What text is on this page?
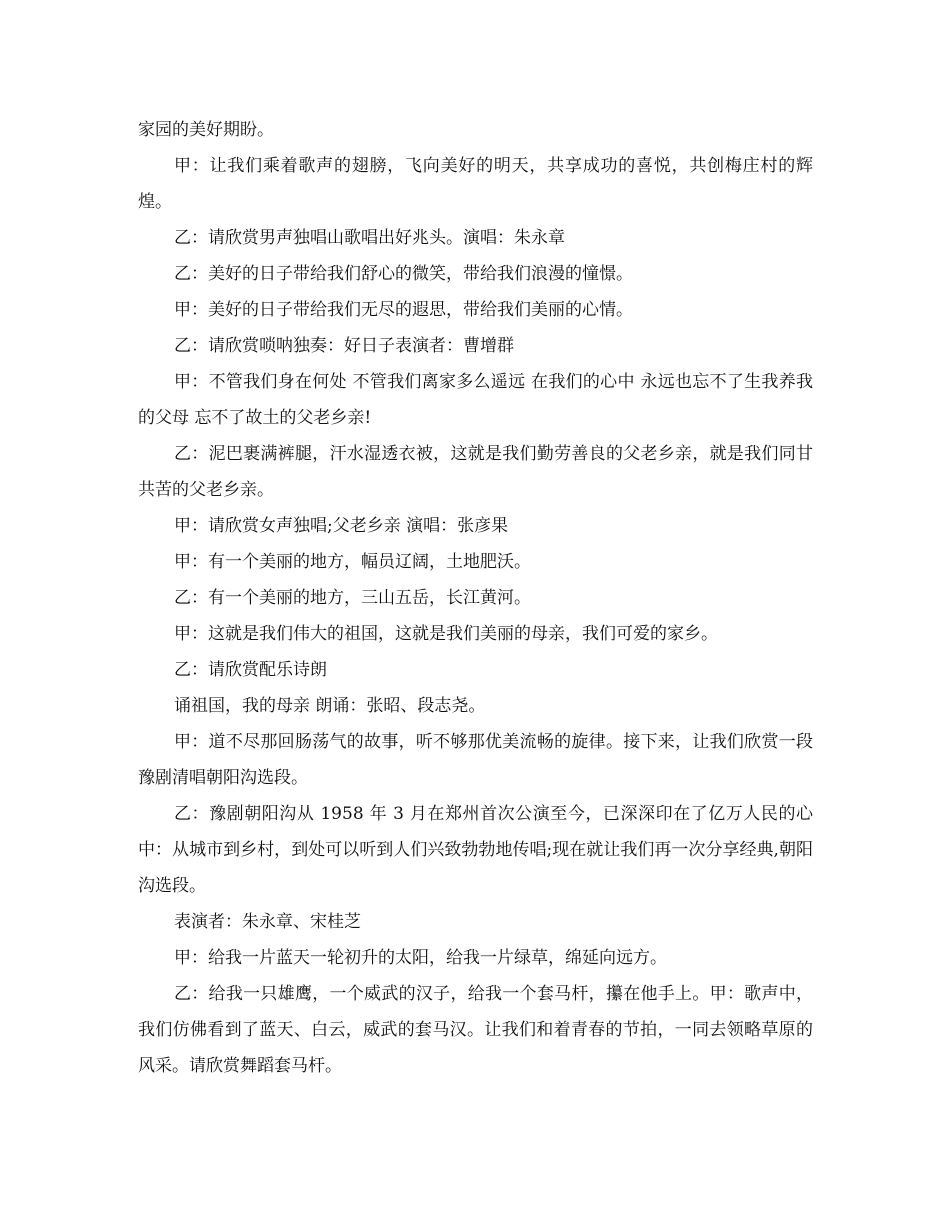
家园的美好期盼。

甲：让我们乘着歌声的翅膀，飞向美好的明天，共享成功的喜悦，共创梅庄村的辉煌。

乙：请欣赏男声独唱山歌唱出好兆头。演唱：朱永章

乙：美好的日子带给我们舒心的微笑，带给我们浪漫的憧憬。

甲：美好的日子带给我们无尽的遐思，带给我们美丽的心情。

乙：请欣赏唢呐独奏：好日子表演者：曹增群

甲：不管我们身在何处 不管我们离家多么遥远 在我们的心中 永远也忘不了生我养我的父母 忘不了故土的父老乡亲!

乙：泥巴裹满裤腿，汗水湿透衣被，这就是我们勤劳善良的父老乡亲，就是我们同甘共苦的父老乡亲。

甲：请欣赏女声独唱;父老乡亲 演唱：张彦果

甲：有一个美丽的地方，幅员辽阔，土地肥沃。

乙：有一个美丽的地方，三山五岳，长江黄河。

甲：这就是我们伟大的祖国，这就是我们美丽的母亲，我们可爱的家乡。

乙：请欣赏配乐诗朗

诵祖国，我的母亲 朗诵：张昭、段志尧。

甲：道不尽那回肠荡气的故事，听不够那优美流畅的旋律。接下来，让我们欣赏一段豫剧清唱朝阳沟选段。

乙：豫剧朝阳沟从 1958 年 3 月在郑州首次公演至今，已深深印在了亿万人民的心中：从城市到乡村，到处可以听到人们兴致勃勃地传唱;现在就让我们再一次分享经典,朝阳沟选段。

表演者：朱永章、宋桂芝

甲：给我一片蓝天一轮初升的太阳，给我一片绿草，绵延向远方。

乙：给我一只雄鹰，一个威武的汉子，给我一个套马杆，攥在他手上。甲：歌声中，我们仿佛看到了蓝天、白云，威武的套马汉。让我们和着青春的节拍，一同去领略草原的风采。请欣赏舞蹈套马杆。
